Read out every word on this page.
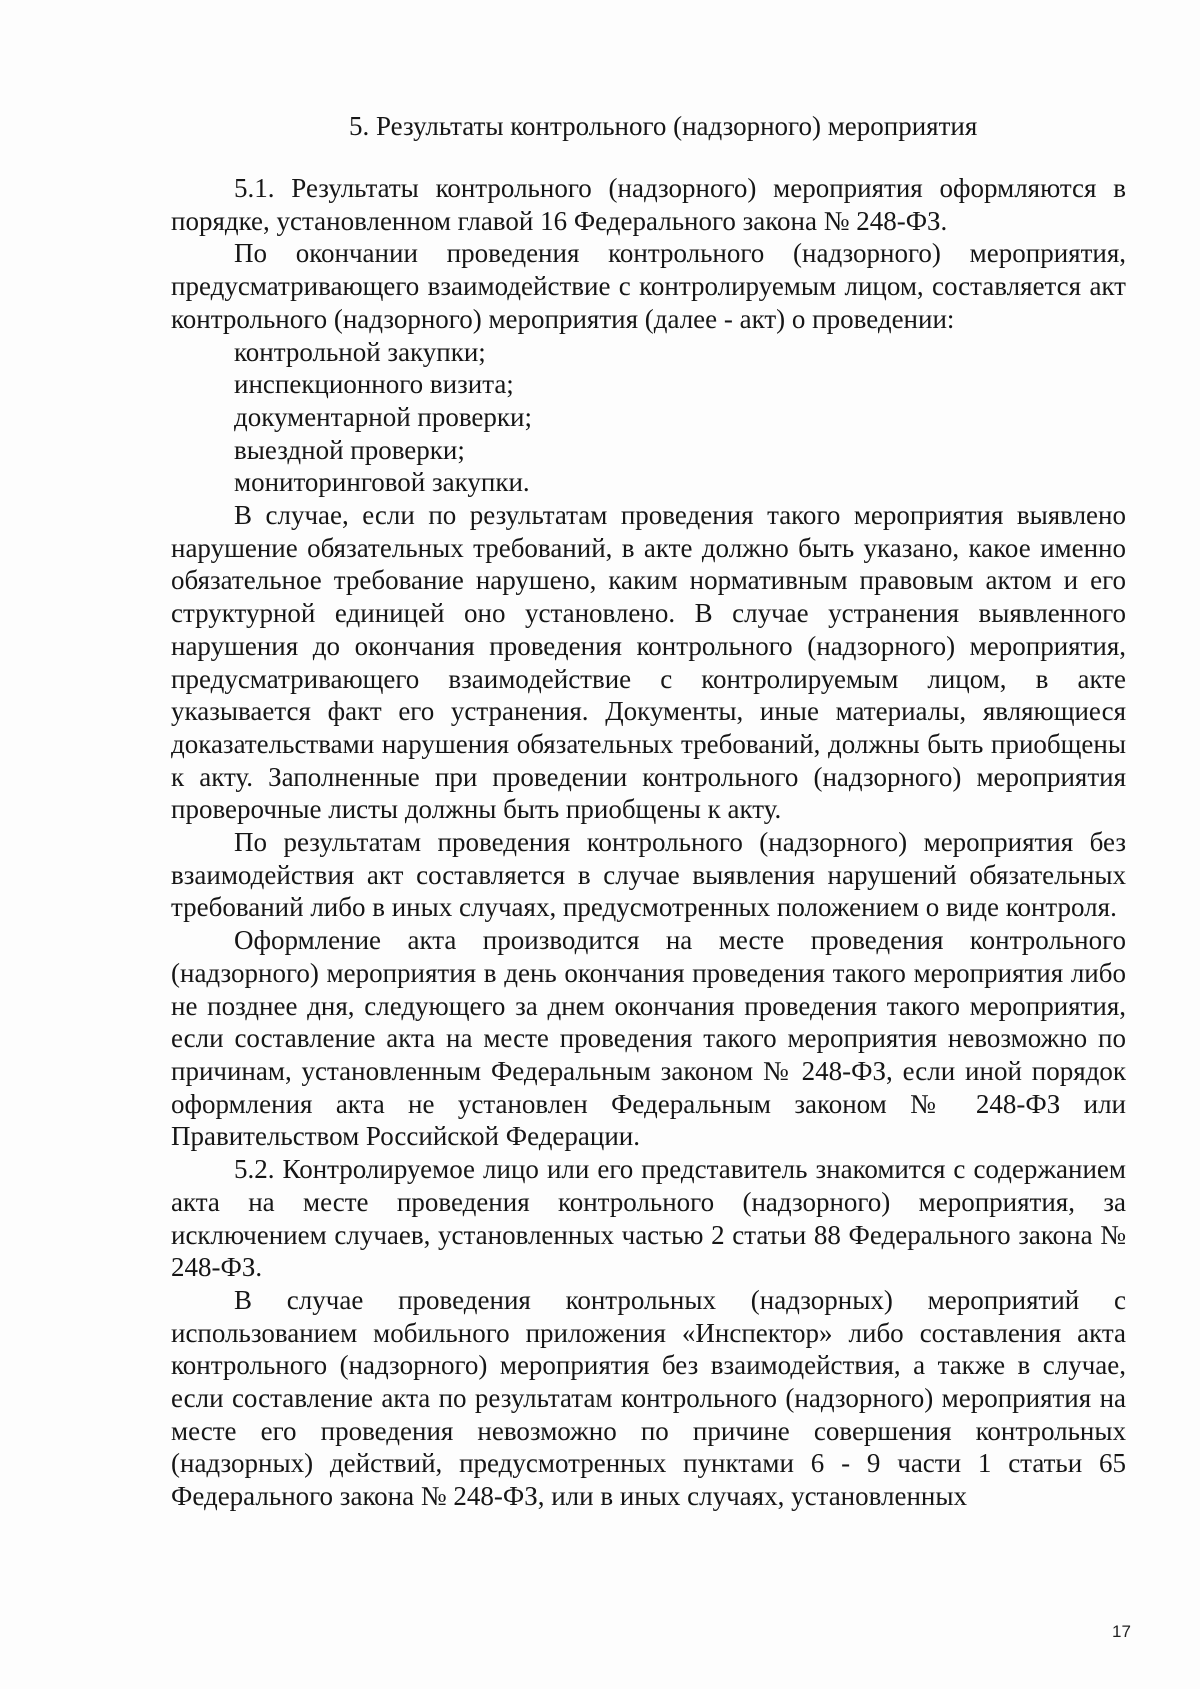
5. Результаты контрольного (надзорного) мероприятия

5.1. Результаты контрольного (надзорного) мероприятия оформляются в порядке, установленном главой 16 Федерального закона № 248-ФЗ.

По окончании проведения контрольного (надзорного) мероприятия, предусматривающего взаимодействие с контролируемым лицом, составляется акт контрольного (надзорного) мероприятия (далее - акт) о проведении:

контрольной закупки;

инспекционного визита;

документарной проверки;

выездной проверки;

мониторинговой закупки.

В случае, если по результатам проведения такого мероприятия выявлено нарушение обязательных требований, в акте должно быть указано, какое именно обязательное требование нарушено, каким нормативным правовым актом и его структурной единицей оно установлено. В случае устранения выявленного нарушения до окончания проведения контрольного (надзорного) мероприятия, предусматривающего взаимодействие с контролируемым лицом, в акте указывается факт его устранения. Документы, иные материалы, являющиеся доказательствами нарушения обязательных требований, должны быть приобщены к акту. Заполненные при проведении контрольного (надзорного) мероприятия проверочные листы должны быть приобщены к акту.

По результатам проведения контрольного (надзорного) мероприятия без взаимодействия акт составляется в случае выявления нарушений обязательных требований либо в иных случаях, предусмотренных положением о виде контроля.

Оформление акта производится на месте проведения контрольного (надзорного) мероприятия в день окончания проведения такого мероприятия либо не позднее дня, следующего за днем окончания проведения такого мероприятия, если составление акта на месте проведения такого мероприятия невозможно по причинам, установленным Федеральным законом № 248-ФЗ, если иной порядок оформления акта не установлен Федеральным законом № 248-ФЗ или Правительством Российской Федерации.

5.2. Контролируемое лицо или его представитель знакомится с содержанием акта на месте проведения контрольного (надзорного) мероприятия, за исключением случаев, установленных частью 2 статьи 88 Федерального закона № 248-ФЗ.

В случае проведения контрольных (надзорных) мероприятий с использованием мобильного приложения «Инспектор» либо составления акта контрольного (надзорного) мероприятия без взаимодействия, а также в случае, если составление акта по результатам контрольного (надзорного) мероприятия на месте его проведения невозможно по причине совершения контрольных (надзорных) действий, предусмотренных пунктами 6 - 9 части 1 статьи 65 Федерального закона № 248-ФЗ, или в иных случаях, установленных

17
